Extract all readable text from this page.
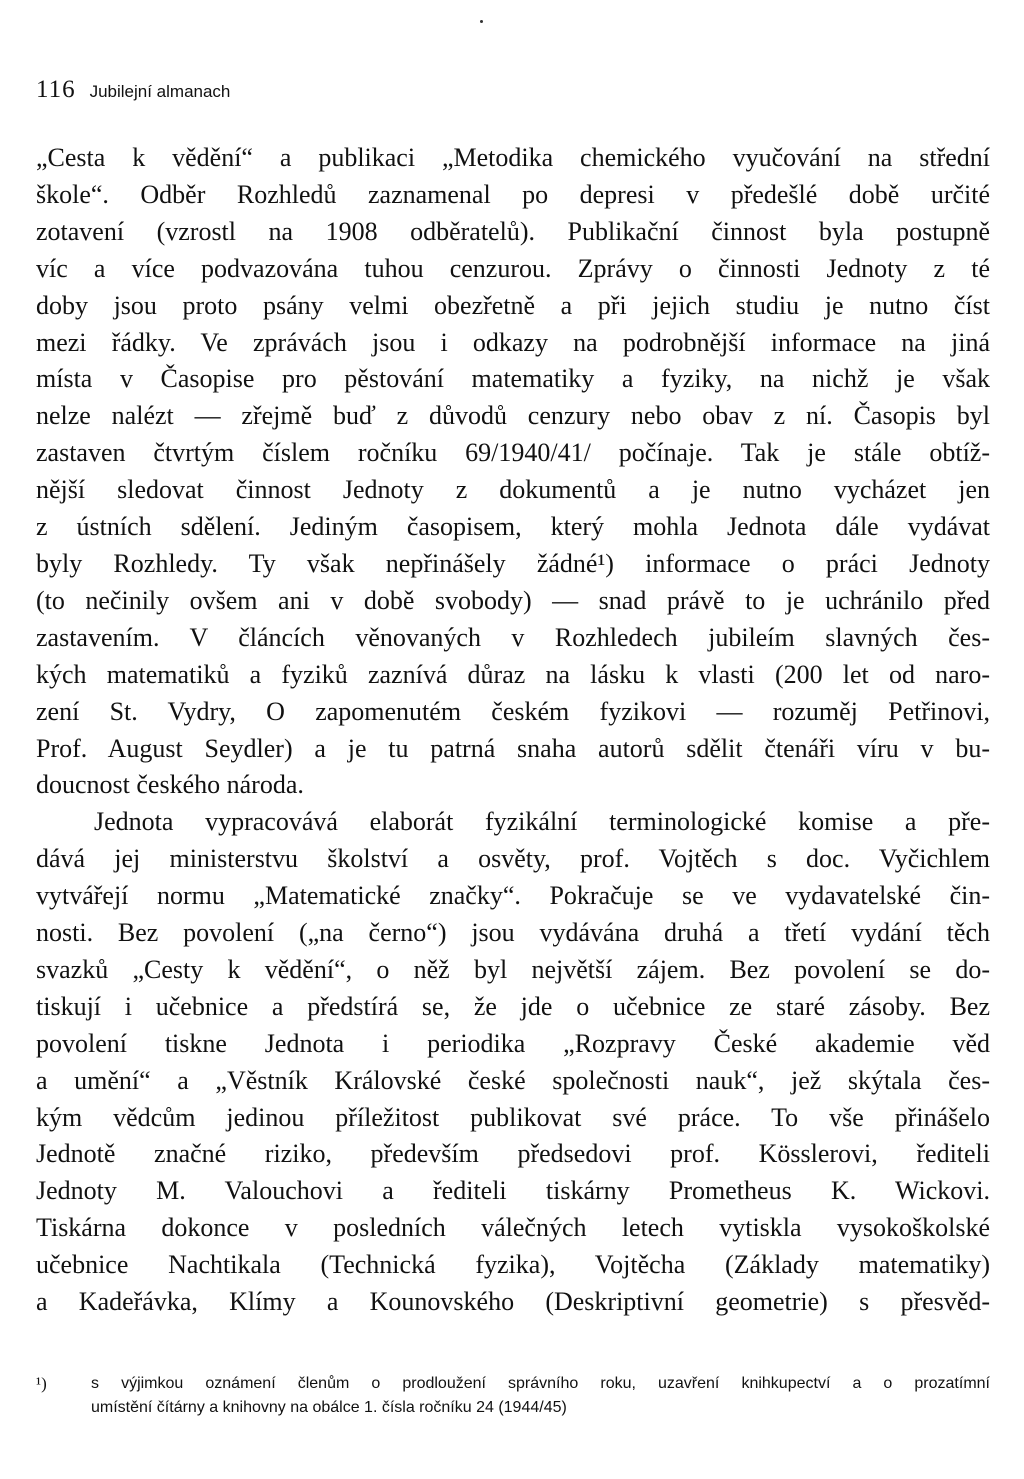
116 Jubilejní almanach
„Cesta k vědění“ a publikaci „Metodika chemického vyučování na střední
škole“. Odběr Rozhledů zaznamenal po depresi v předešlé době určité
zotavení (vzrostl na 1908 odběratelů). Publikační činnost byla postupně
víc a více podvazována tuhou cenzurou. Zprávy o činnosti Jednoty z té
doby jsou proto psány velmi obezřetně a při jejich studiu je nutno číst
mezi řádky. Ve zprávách jsou i odkazy na podrobnější informace na jiná
místa v Časopise pro pěstování matematiky a fyziky, na nichž je však
nelze nalézt — zřejmě buď z důvodů cenzury nebo obav z ní. Časopis byl
zastaven čtvrtým číslem ročníku 69/1940/41/ počínaje. Tak je stále obtíž-
nější sledovat činnost Jednoty z dokumentů a je nutno vycházet jen
z ústních sdělení. Jediným časopisem, který mohla Jednota dále vydávat
byly Rozhledy. Ty však nepřinášely žádné¹) informace o práci Jednoty
(to nečinily ovšem ani v době svobody) — snad právě to je uchránilo před
zastavením. V článcích věnovaných v Rozhledech jubileím slavných čes-
kých matematiků a fyziků zaznívá důraz na lásku k vlasti (200 let od naro-
zení St. Vydry, O zapomenutém českém fyzikovi — rozuměj Petřinovi,
Prof. August Seydler) a je tu patrná snaha autorů sdělit čtenáři víru v bu-
doucnost českého národa.
Jednota vypracovává elaborát fyzikální terminologické komise a pře-
dává jej ministerstvu školství a osvěty, prof. Vojtěch s doc. Vyčichlem
vytvářejí normu „Matematické značky“. Pokračuje se ve vydavatelské čin-
nosti. Bez povolení („na černo“) jsou vydávána druhá a třetí vydání těch
svazků „Cesty k vědění“, o něž byl největší zájem. Bez povolení se do-
tiskují i učebnice a předstírá se, že jde o učebnice ze staré zásoby. Bez
povolení tiskne Jednota i periodika „Rozpravy České akademie věd
a umění“ a „Věstník Královské české společnosti nauk“, jež skýtala čes-
kým vědcům jedinou příležitost publikovat své práce. To vše přinášelo
Jednotě značné riziko, především předsedovi prof. Kösslerovi, řediteli
Jednoty M. Valouchovi a řediteli tiskárny Prometheus K. Wickovi.
Tiskárna dokonce v posledních válečných letech vytiskla vysokoškolské
učebnice Nachtikala (Technická fyzika), Vojtěcha (Základy matematiky)
a Kadeřávka, Klímy a Kounovského (Deskriptivní geometrie) s přesvěd-
¹)	s výjimkou oznámení členům o prodloužení správního roku, uzavření knihkupectví a o prozatímní
umístění čítárny a knihovny na obálce 1. čísla ročníku 24 (1944/45)
